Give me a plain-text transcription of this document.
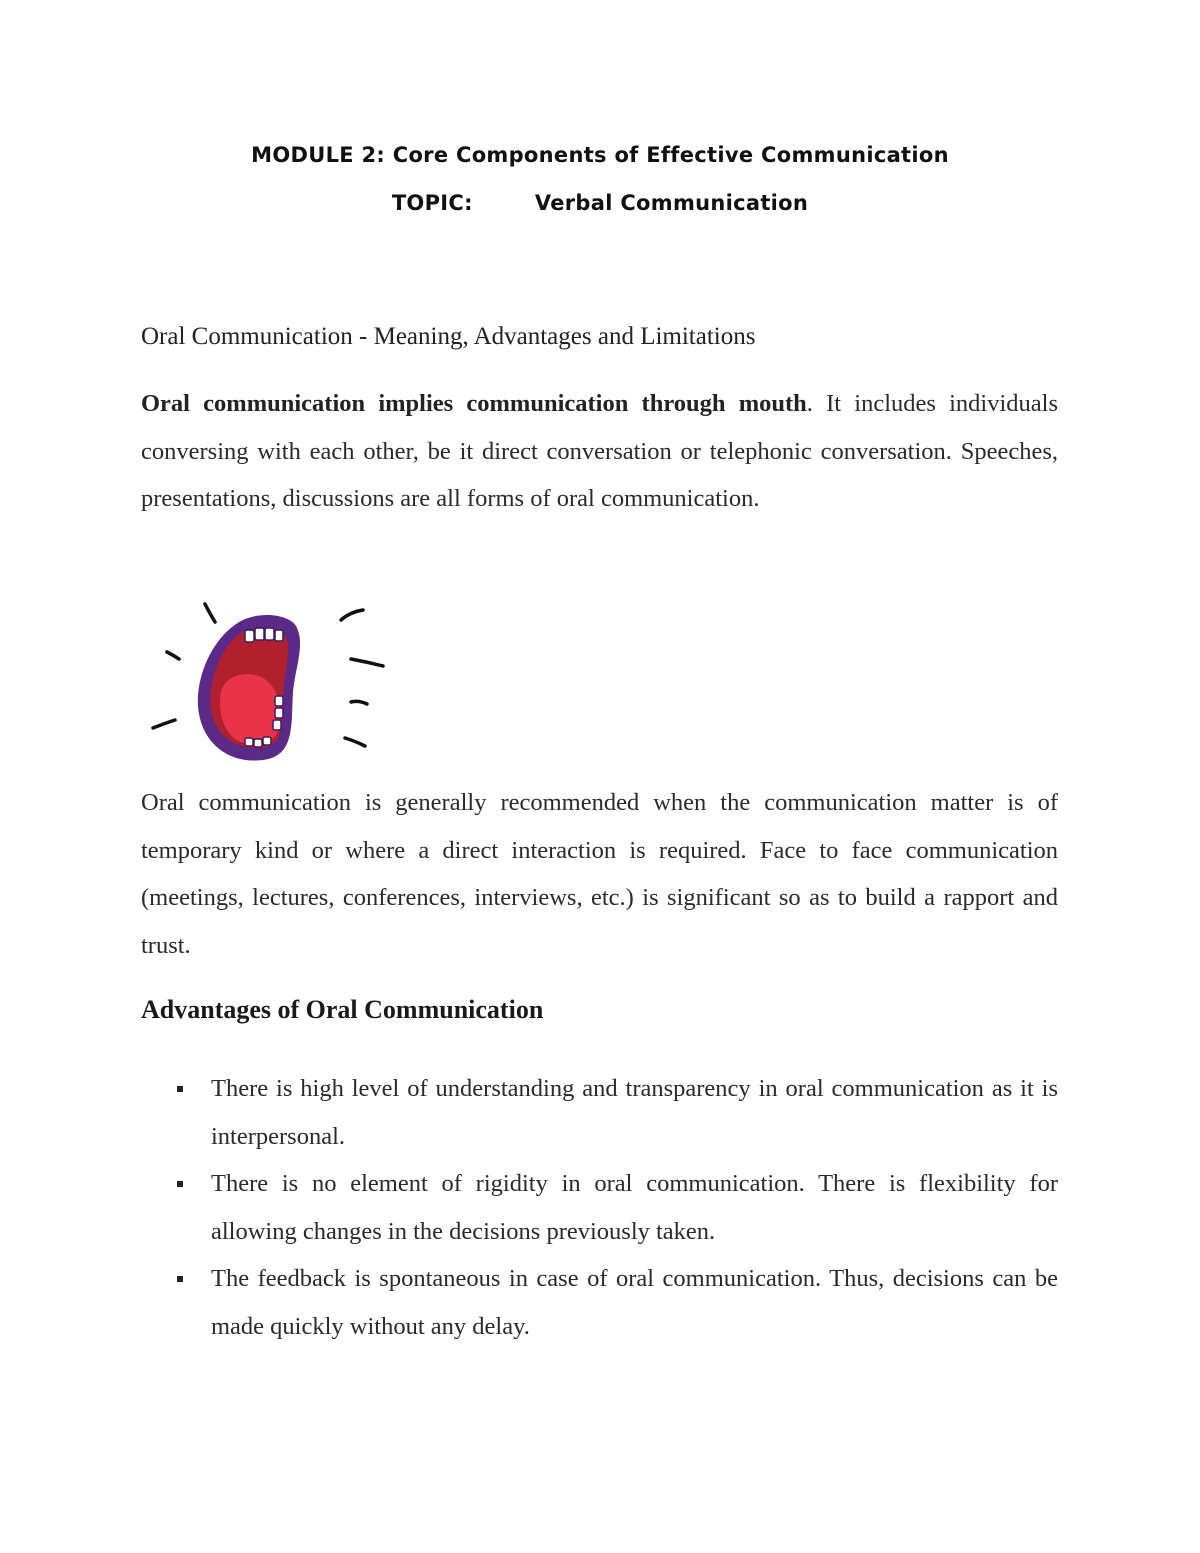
MODULE 2: Core Components of Effective Communication
TOPIC:	Verbal Communication
Oral Communication - Meaning, Advantages and Limitations
Oral communication implies communication through mouth. It includes individuals conversing with each other, be it direct conversation or telephonic conversation. Speeches, presentations, discussions are all forms of oral communication.
Oral communication is generally recommended when the communication matter is of temporary kind or where a direct interaction is required. Face to face communication (meetings, lectures, conferences, interviews, etc.) is significant so as to build a rapport and trust.
Advantages of Oral Communication
There is high level of understanding and transparency in oral communication as it is interpersonal.
There is no element of rigidity in oral communication. There is flexibility for allowing changes in the decisions previously taken.
The feedback is spontaneous in case of oral communication. Thus, decisions can be made quickly without any delay.
